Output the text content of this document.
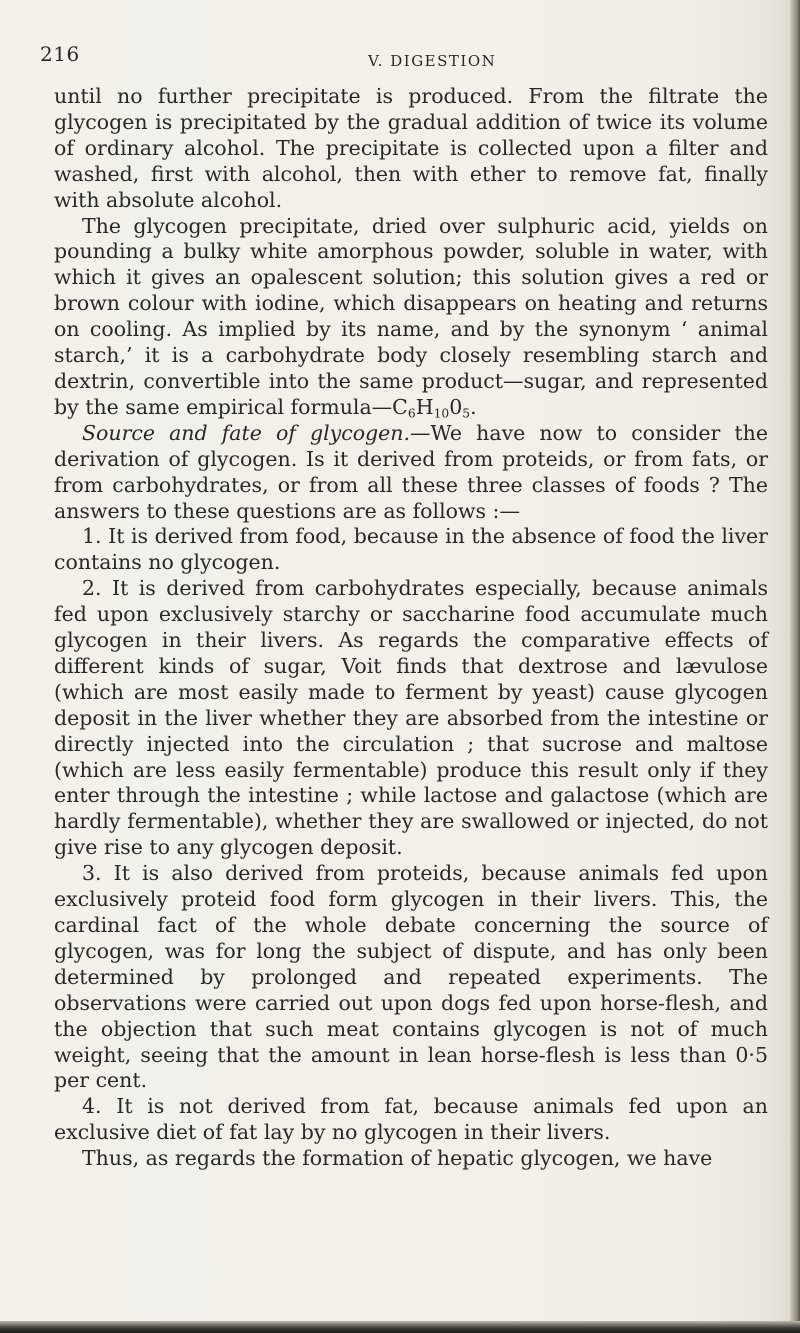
216	V. DIGESTION

until no further precipitate is produced. From the filtrate the glycogen is precipitated by the gradual addition of twice its volume of ordinary alcohol. The precipitate is collected upon a filter and washed, first with alcohol, then with ether to remove fat, finally with absolute alcohol.

The glycogen precipitate, dried over sulphuric acid, yields on pounding a bulky white amorphous powder, soluble in water, with which it gives an opalescent solution; this solution gives a red or brown colour with iodine, which disappears on heating and returns on cooling. As implied by its name, and by the synonym ‘ animal starch,’ it is a carbohydrate body closely resembling starch and dextrin, convertible into the same product—sugar, and represented by the same empirical $formula—C_6H_{10}0_5$.

Source and fate of glycogen.—We have now to consider the derivation of glycogen. Is it derived from proteids, or from fats, or from carbohydrates, or from all these three classes of foods ? The answers to these questions are as follows :—

1. It is derived from food, because in the absence of food the liver contains no glycogen.

2. It is derived from carbohydrates especially, because animals fed upon exclusively starchy or saccharine food accumulate much glycogen in their livers. As regards the comparative effects of different kinds of sugar, Voit finds that dextrose and lævulose (which are most easily made to ferment by yeast) cause glycogen deposit in the liver whether they are absorbed from the intestine or directly injected into the circulation ; that sucrose and maltose (which are less easily fermentable) produce this result only if they enter through the intestine ; while lactose and galactose (which are hardly fermentable), whether they are swallowed or injected, do not give rise to any glycogen deposit.

3. It is also derived from proteids, because animals fed upon exclusively proteid food form glycogen in their livers. This, the cardinal fact of the whole debate concerning the source of glycogen, was for long the subject of dispute, and has only been determined by prolonged and repeated experiments. The observations were carried out upon dogs fed upon horse-flesh, and the objection that such meat contains glycogen is not of much weight, seeing that the amount in lean horse-flesh is less than 0·5 per cent.

4. It is not derived from fat, because animals fed upon an exclusive diet of fat lay by no glycogen in their livers.

Thus, as regards the formation of hepatic glycogen, we have
